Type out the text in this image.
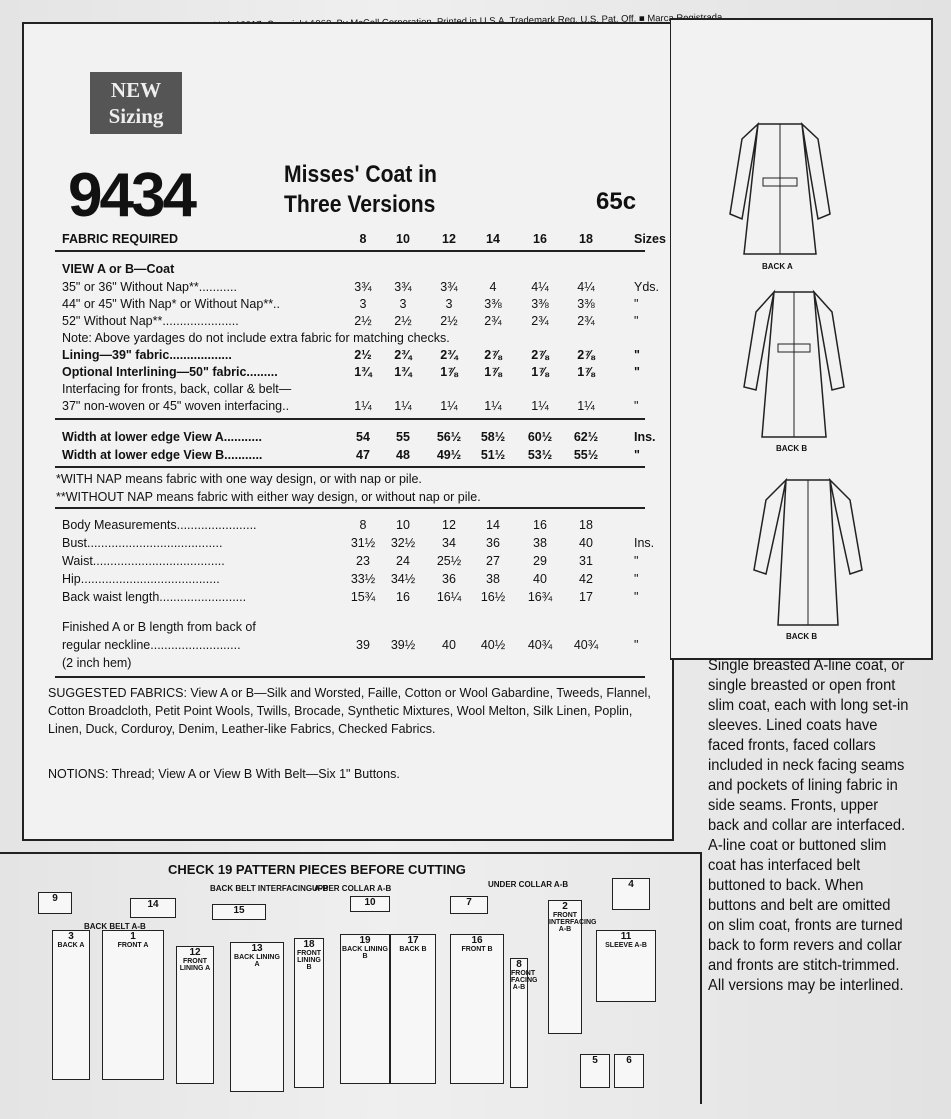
Trademark Reg. U.S. Pat. Off. ■ Marca
NEW
Sizing
9434	Misses' Coat in
Three Versions	65c
FABRIC REQUIRED	8	10	12	14	16	18	Sizes
VIEW A or B—Coat
35" or 36" Without Nap**...........	3¾	3¾	3¾	4	4¼	4¼	Yds.
44" or 45" With Nap* or Without Nap**..	3	3	3	3⅜	3⅜	3⅜	"
52" Without Nap**......................	2½	2½	2½	2¾	2¾	2¾	"
Note: Above yardages do not include extra fabric for matching checks.
Lining—39" fabric..................	2½	2¾	2¾	2⅞	2⅞	2⅞	"
Optional Interlining—50" fabric.........	1¾	1¾	1⅞	1⅞	1⅞	1⅞	"
Interfacing for fronts, back, collar & belt—
37" non-woven or 45" woven interfacing..	1¼	1¼	1¼	1¼	1¼	1¼	"
Width at lower edge View A...........	54	55	56½	58½	60½	62½	Ins.
Width at lower edge View B...........	47	48	49½	51½	53½	55½	"
*WITH NAP means fabric with one way design, or with nap or pile.
**WITHOUT NAP means fabric with either way design, or without nap or pile.
Body Measurements.......................	8	10	12	14	16	18
Bust.......................................	31½	32½	34	36	38	40	Ins.
Waist......................................	23	24	25½	27	29	31	"
Hip........................................	33½	34½	36	38	40	42	"
Back waist length.........................	15¾	16	16¼	16½	16¾	17	"
Finished A or B length from back of
regular neckline..........................	39	39½	40	40½	40¾	40¾	"
(2 inch hem)
SUGGESTED FABRICS: View A or B—Silk and Worsted, Faille, Cotton or Wool Gabardine, Tweeds, Flannel, Cotton Broadcloth, Petit Point Wools, Twills, Brocade, Synthetic Mixtures, Wool Melton, Silk Linen, Poplin, Linen, Duck, Corduroy, Denim, Leather-like Fabrics, Checked Fabrics.
NOTIONS: Thread; View A or View B With Belt—Six 1" Buttons.
Single breasted A-line coat, or single breasted or open front slim coat, each with long set-in sleeves. Lined coats have faced fronts, faced collars included in neck facing seams and pockets of lining fabric in side seams. Fronts, upper back and collar are interfaced. A-line coat or buttoned slim coat has interfaced belt buttoned to back. When buttons and belt are omitted on slim coat, fronts are turned back to form revers and collar and fronts are stitch-trimmed. All versions may be interlined.
BACK A
BACK B
BACK B
CHECK 19 PATTERN PIECES BEFORE CUTTING
3
BACK A
1
FRONT A
12
FRONT LINING A
13
BACK LINING A
18
FRONT LINING B
19
BACK LINING B
17
BACK B
16
FRONT B
8
FRONT FACING A-B
2
FRONT INTERFACING A-B
11
SLEEVE A-B
14
15
10	7
9
4
5	6
BACK BELT A-B
BACK BELT INTERFACING A-B
UPPER COLLAR A-B	UNDER COLLAR A-B
